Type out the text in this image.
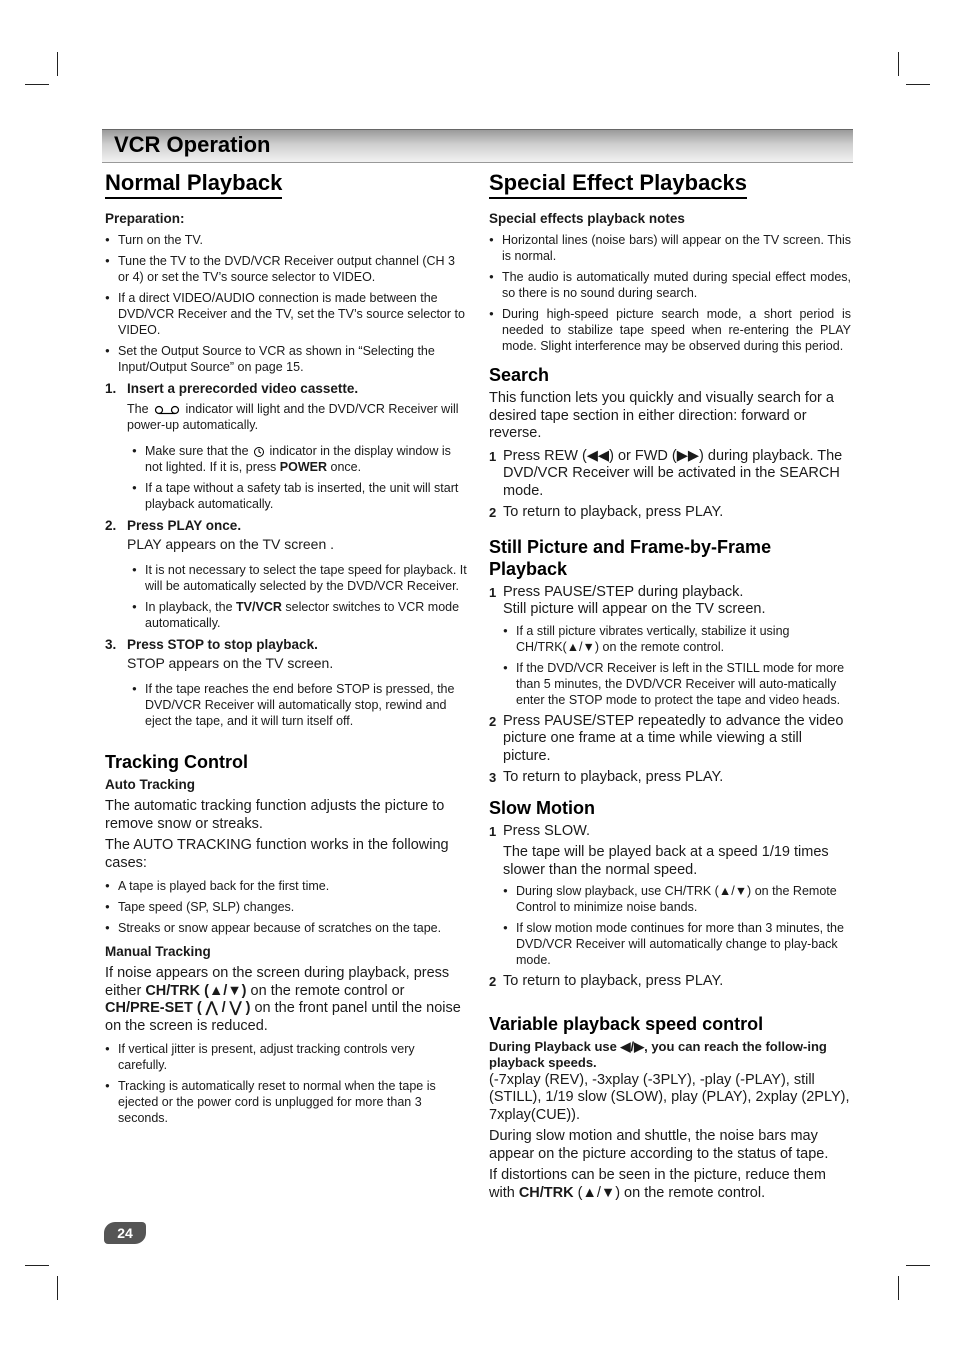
VCR Operation
Normal Playback
Preparation:
● Turn on the TV.
● Tune the TV to the DVD/VCR Receiver output channel (CH 3 or 4) or set the TV’s source selector to VIDEO.
● If a direct VIDEO/AUDIO connection is made between the DVD/VCR Receiver and the TV, set the TV’s source selector to VIDEO.
● Set the Output Source to VCR as shown in “Selecting the Input/Output Source” on page 15.
1. Insert a prerecorded video cassette.
The	indicator will light and the DVD/VCR Receiver will power-up automatically.
● Make sure that the indicator in the display window is not lighted. If it is, press POWER once.
● If a tape without a safety tab is inserted, the unit will start playback automatically.
2. Press PLAY once.
PLAY appears on the TV screen .
● It is not necessary to select the tape speed for playback. It will be automatically selected by the DVD/VCR Receiver.
● In playback, the TV/VCR selector switches to VCR mode automatically.
3. Press STOP to stop playback.
STOP appears on the TV screen.
● If the tape reaches the end before STOP is pressed, the DVD/VCR Receiver will automatically stop, rewind and eject the tape, and it will turn itself off.
Tracking Control
Auto Tracking
The automatic tracking function adjusts the picture to remove snow or streaks.
The AUTO TRACKING function works in the following cases:
● A tape is played back for the first time.
● Tape speed (SP, SLP) changes.
● Streaks or snow appear because of scratches on the tape.
Manual Tracking
If noise appears on the screen during playback, press either CH/TRK (▲/▼) on the remote control or CH/PRE-SET ( ⋀ / ⋁ ) on the front panel until the noise on the screen is reduced.
● If vertical jitter is present, adjust tracking controls very carefully.
● Tracking is automatically reset to normal when the tape is ejected or the power cord is unplugged for more than 3 seconds.
Special Effect Playbacks
Special effects playback notes
● Horizontal lines (noise bars) will appear on the TV screen. This is normal.
● The audio is automatically muted during special effect modes, so there is no sound during search.
● During high-speed picture search mode, a short period is needed to stabilize tape speed when re-entering the PLAY mode. Slight interference may be observed during this period.
Search
This function lets you quickly and visually search for a desired tape section in either direction: forward or reverse.
1 Press REW (◀◀) or FWD (▶▶) during playback. The DVD/VCR Receiver will be activated in the SEARCH mode.
2 To return to playback, press PLAY.
Still Picture and Frame-by-Frame Playback
1 Press PAUSE/STEP during playback.
Still picture will appear on the TV screen.
● If a still picture vibrates vertically, stabilize it using CH/TRK(▲/▼) on the remote control.
● If the DVD/VCR Receiver is left in the STILL mode for more than 5 minutes, the DVD/VCR Receiver will auto-matically enter the STOP mode to protect the tape and video heads.
2 Press PAUSE/STEP repeatedly to advance the video picture one frame at a time while viewing a still picture.
3 To return to playback, press PLAY.
Slow Motion
1 Press SLOW.
The tape will be played back at a speed 1/19 times slower than the normal speed.
● During slow playback, use CH/TRK (▲/▼) on the Remote Control to minimize noise bands.
● If slow motion mode continues for more than 3 minutes, the DVD/VCR Receiver will automatically change to play-back mode.
2 To return to playback, press PLAY.
Variable playback speed control
During Playback use ◀/▶, you can reach the follow-ing playback speeds.
(-7xplay (REV), -3xplay (-3PLY), -play (-PLAY), still (STILL), 1/19 slow (SLOW), play (PLAY), 2xplay (2PLY), 7xplay(CUE)).
During slow motion and shuttle, the noise bars may appear on the picture according to the status of tape.
If distortions can be seen in the picture, reduce them with CH/TRK (▲/▼) on the remote control.
24
